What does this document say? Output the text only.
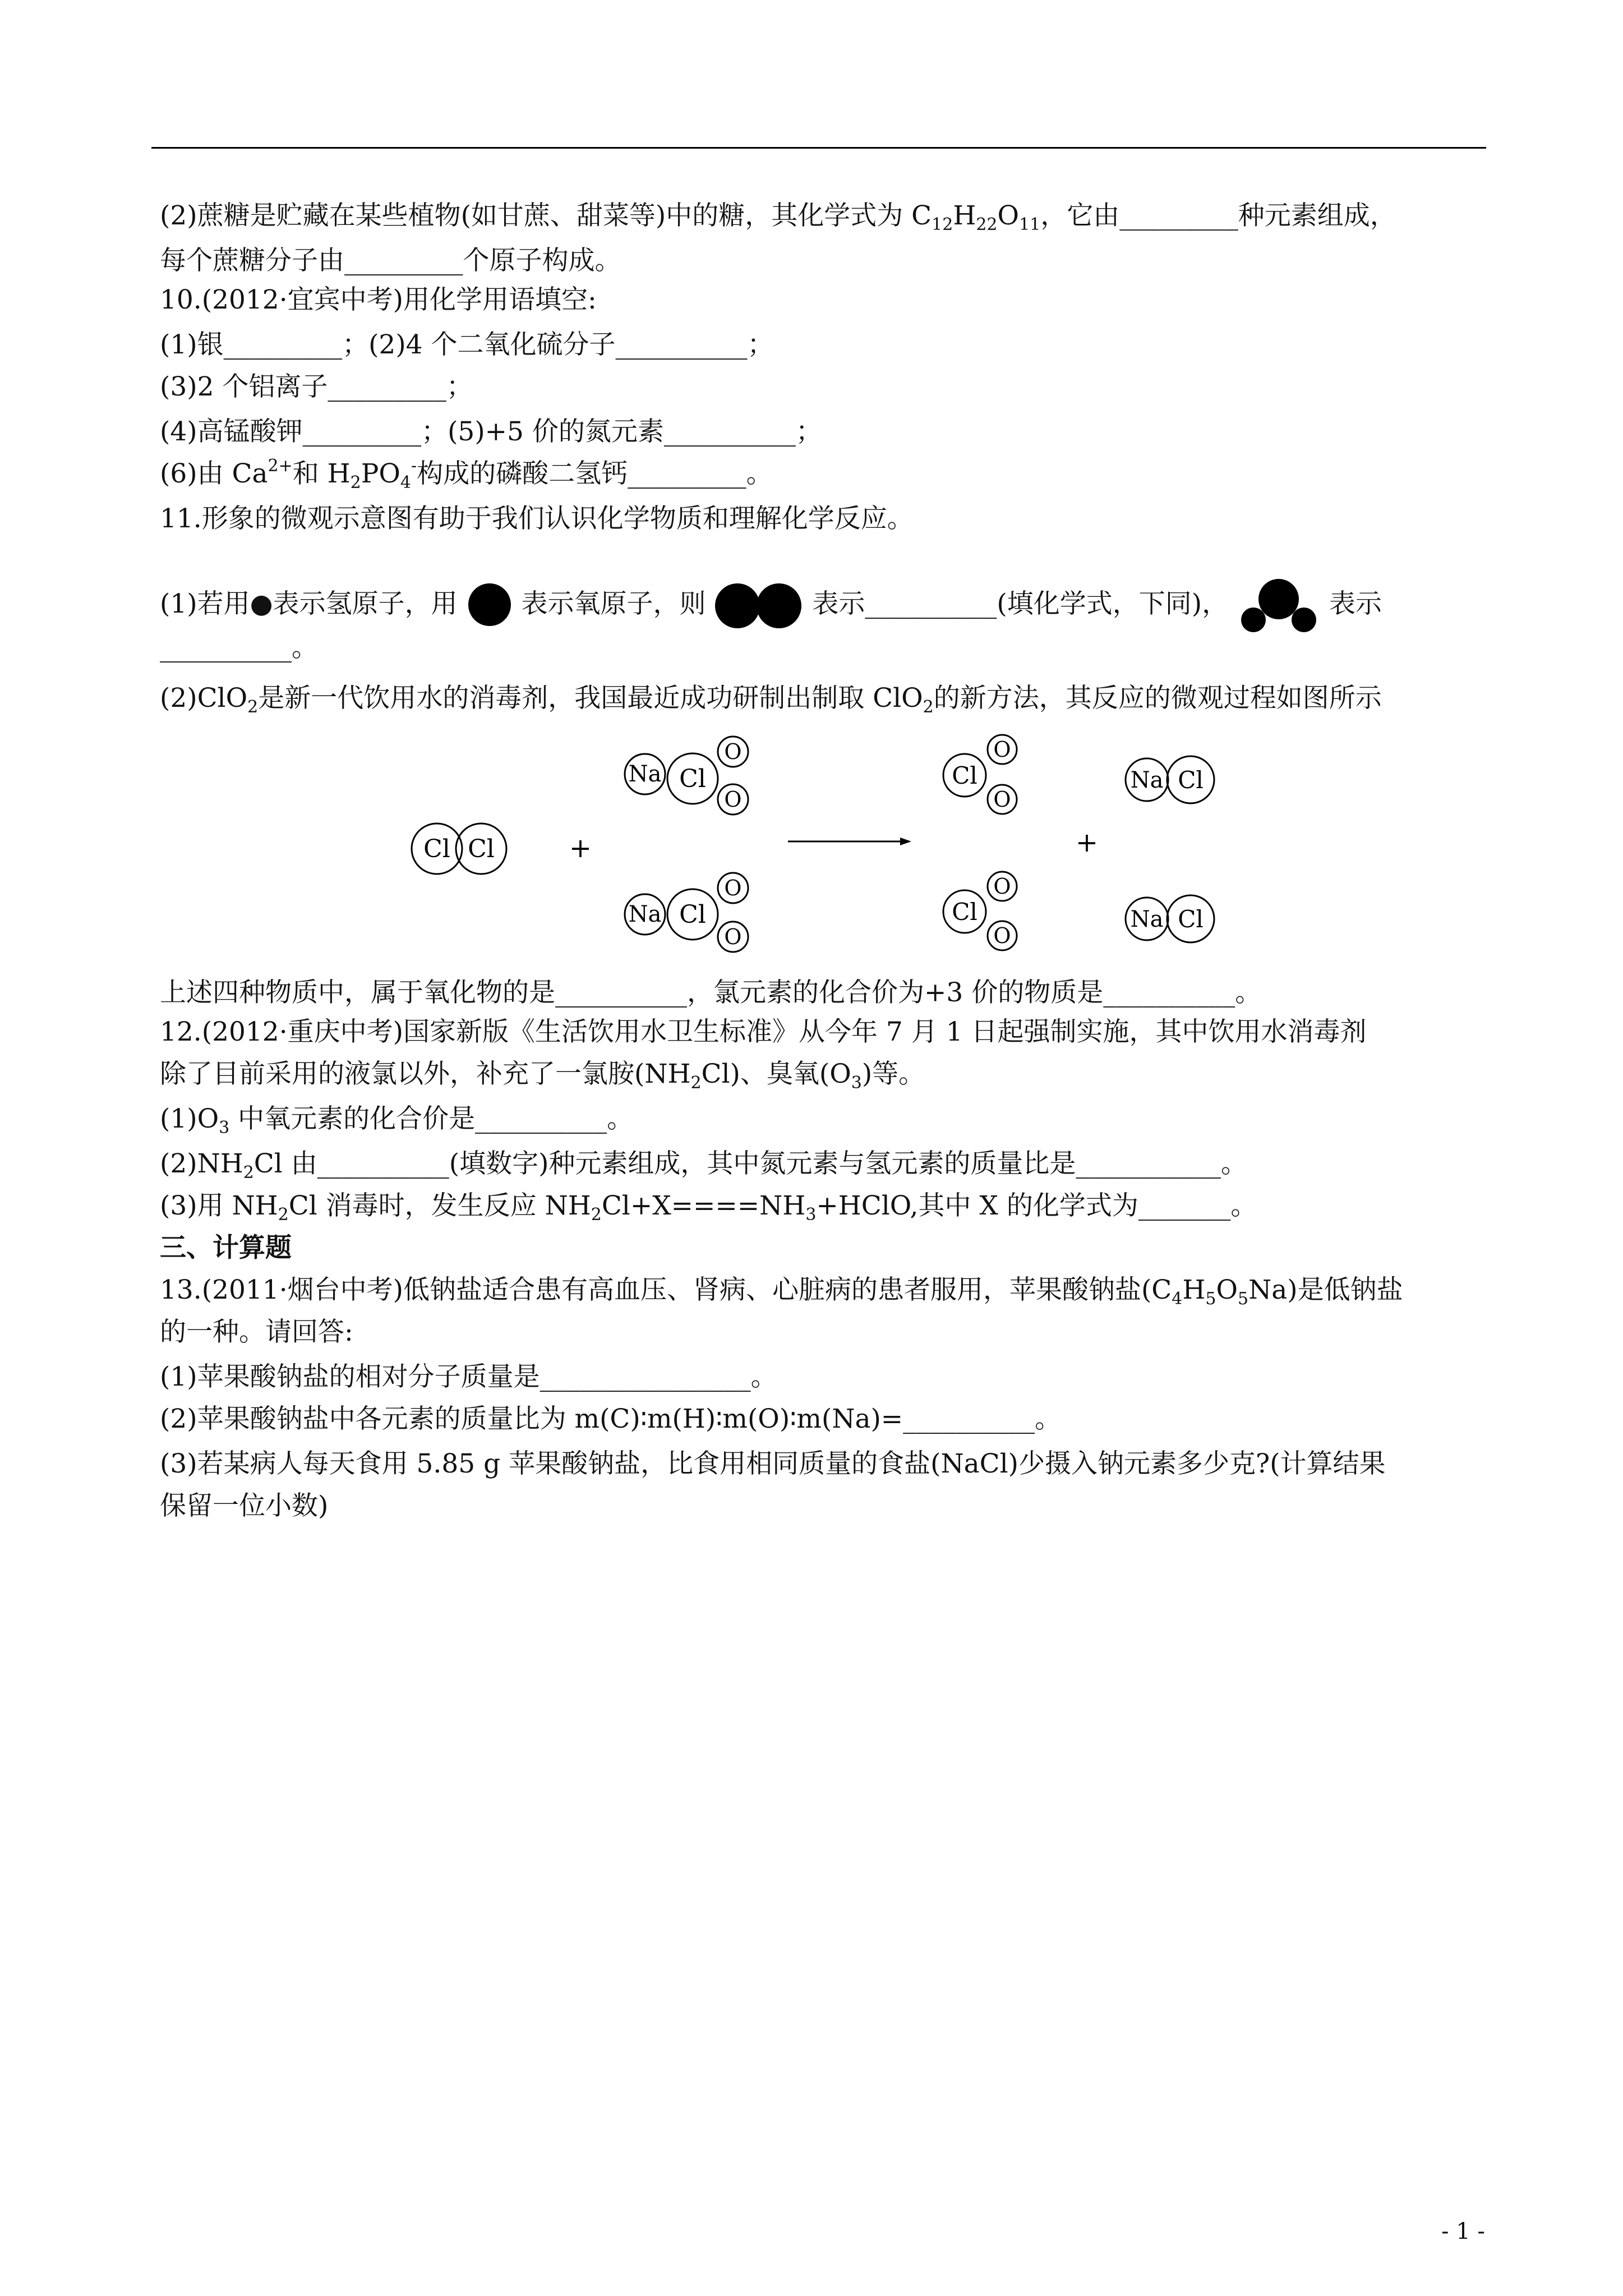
(2)蔗糖是贮藏在某些植物(如甘蔗、甜菜等)中的糖，其化学式为 $C_{12}H_{22}O_{11}$，它由_________种元素组成，
每个蔗糖分子由_________个原子构成。
10.(2012·宜宾中考)用化学用语填空:
(1)银_________；(2)4 个二氧化硫分子__________；
(3)2 个铝离子_________；
(4)高锰酸钾_________；(5)+5 价的氮元素__________；
(6)由 $Ca^{2+}$和 $H_2PO_4^-$构成的磷酸二氢钙_________。
11.形象的微观示意图有助于我们认识化学物质和理解化学反应。
(1)若用●表示氢原子，用 表示氧原子，则	表示__________(填化学式，下同)，	表示
__________。
(2)ClO$_2$是新一代饮用水的消毒剂，我国最近成功研制出制取 ClO$_2$的新方法，其反应的微观过程如图所示
Cl Cl	+
Na Cl
O
O
Na Cl
O
O
Cl
O
O
Cl
O
O
+
Na Cl
Na Cl
上述四种物质中，属于氧化物的是__________，氯元素的化合价为+3 价的物质是__________。
12.(2012·重庆中考)国家新版《生活饮用水卫生标准》从今年 7 月 1 日起强制实施，其中饮用水消毒剂
除了目前采用的液氯以外，补充了一氯胺$(NH_2Cl)$、臭氧$(O_3)$等。
$(1)O_3$ 中氧元素的化合价是__________。
$(2)NH_2Cl$ 由__________(填数字)种元素组成，其中氮元素与氢元素的质量比是___________。
(3)用 $NH_2Cl$ 消毒时，发生反应 $NH_2Cl+X====NH_3+HClO$,其中 X 的化学式为_______。
三、计算题
13.(2011·烟台中考)低钠盐适合患有高血压、肾病、心脏病的患者服用，苹果酸钠盐$(C_4H_5O_5Na)$是低钠盐
的一种。请回答:
(1)苹果酸钠盐的相对分子质量是________________。
(2)苹果酸钠盐中各元素的质量比为 m(C)∶m(H)∶m(O)∶m(Na)=__________。
(3)若某病人每天食用 5.85 g 苹果酸钠盐，比食用相同质量的食盐(NaCl)少摄入钠元素多少克?(计算结果
保留一位小数)
- 1 -
